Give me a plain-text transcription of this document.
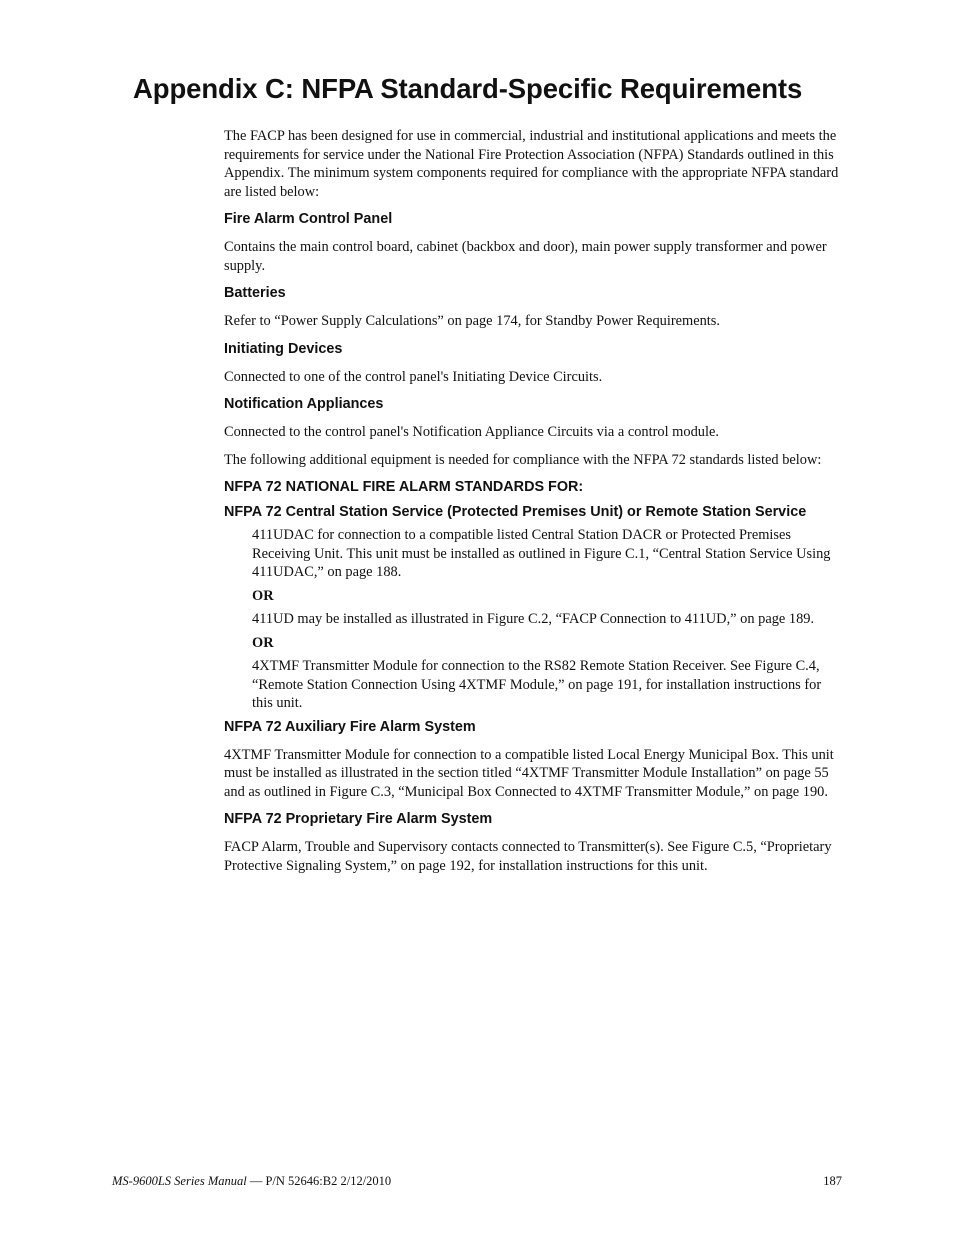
Appendix C: NFPA Standard-Specific Requirements

The FACP has been designed for use in commercial, industrial and institutional applications and meets the requirements for service under the National Fire Protection Association (NFPA) Standards outlined in this Appendix. The minimum system components required for compliance with the appropriate NFPA standard are listed below:

Fire Alarm Control Panel

Contains the main control board, cabinet (backbox and door), main power supply transformer and power supply.

Batteries

Refer to “Power Supply Calculations” on page 174, for Standby Power Requirements.

Initiating Devices

Connected to one of the control panel's Initiating Device Circuits.

Notification Appliances

Connected to the control panel's Notification Appliance Circuits via a control module.

The following additional equipment is needed for compliance with the NFPA 72 standards listed below:

NFPA 72 NATIONAL FIRE ALARM STANDARDS FOR:

NFPA 72 Central Station Service (Protected Premises Unit) or Remote Station Service

411UDAC for connection to a compatible listed Central Station DACR or Protected Premises Receiving Unit. This unit must be installed as outlined in Figure C.1, “Central Station Service Using 411UDAC,” on page 188.

OR

411UD may be installed as illustrated in Figure C.2, “FACP Connection to 411UD,” on page 189.

OR

4XTMF Transmitter Module for connection to the RS82 Remote Station Receiver. See Figure C.4, “Remote Station Connection Using 4XTMF Module,” on page 191, for installation instructions for this unit.

NFPA 72 Auxiliary Fire Alarm System

4XTMF Transmitter Module for connection to a compatible listed Local Energy Municipal Box. This unit must be installed as illustrated in the section titled “4XTMF Transmitter Module Installation” on page 55 and as outlined in Figure C.3, “Municipal Box Connected to 4XTMF Transmitter Module,” on page 190.

NFPA 72 Proprietary Fire Alarm System

FACP Alarm, Trouble and Supervisory contacts connected to Transmitter(s). See Figure C.5, “Proprietary Protective Signaling System,” on page 192, for installation instructions for this unit.

MS-9600LS Series Manual — P/N 52646:B2 2/12/2010	187
